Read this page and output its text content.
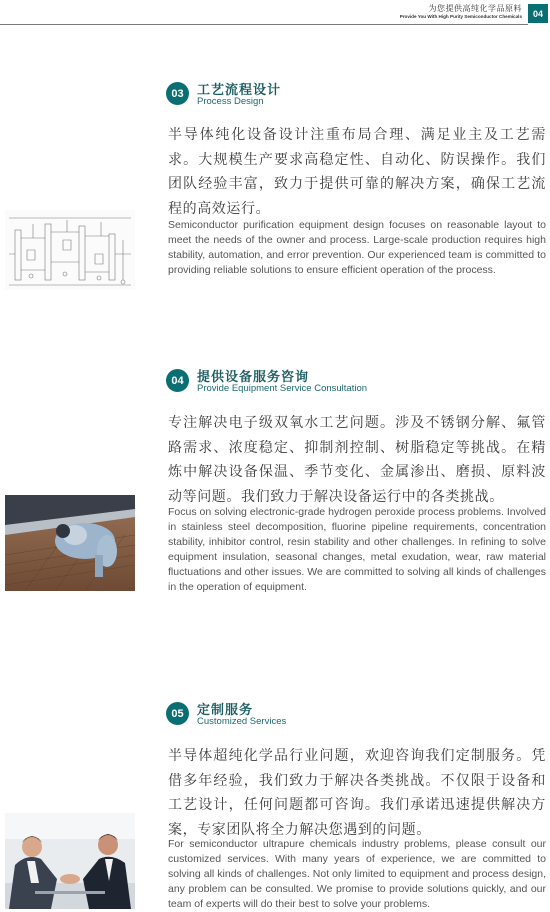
为您提供高纯化学品原料
Provide You With High Purity Semiconductor Chemicals	04
03	工艺流程设计
Process Design
半导体纯化设备设计注重布局合理、满足业主及工艺需求。大规模生产要求高稳定性、自动化、防误操作。我们团队经验丰富，致力于提供可靠的解决方案，确保工艺流程的高效运行。
Semiconductor purification equipment design focuses on reasonable layout to meet the needs of the owner and process. Large-scale production requires high stability, automation, and error prevention. Our experienced team is committed to providing reliable solutions to ensure efficient operation of the process.
04	提供设备服务咨询
Provide Equipment Service Consultation
专注解决电子级双氧水工艺问题。涉及不锈钢分解、氟管路需求、浓度稳定、抑制剂控制、树脂稳定等挑战。在精炼中解决设备保温、季节变化、金属渗出、磨损、原料波动等问题。我们致力于解决设备运行中的各类挑战。
Focus on solving electronic-grade hydrogen peroxide process problems. Involved in stainless steel decomposition, fluorine pipeline requirements, concentration stability, inhibitor control, resin stability and other challenges. In refining to solve equipment insulation, seasonal changes, metal exudation, wear, raw material fluctuations and other issues. We are committed to solving all kinds of challenges in the operation of equipment.
05	定制服务
Customized Services
半导体超纯化学品行业问题，欢迎咨询我们定制服务。凭借多年经验，我们致力于解决各类挑战。不仅限于设备和工艺设计，任何问题都可咨询。我们承诺迅速提供解决方案，专家团队将全力解决您遇到的问题。
For semiconductor ultrapure chemicals industry problems, please consult our customized services. With many years of experience, we are committed to solving all kinds of challenges. Not only limited to equipment and process design, any problem can be consulted. We promise to provide solutions quickly, and our team of experts will do their best to solve your problems.
